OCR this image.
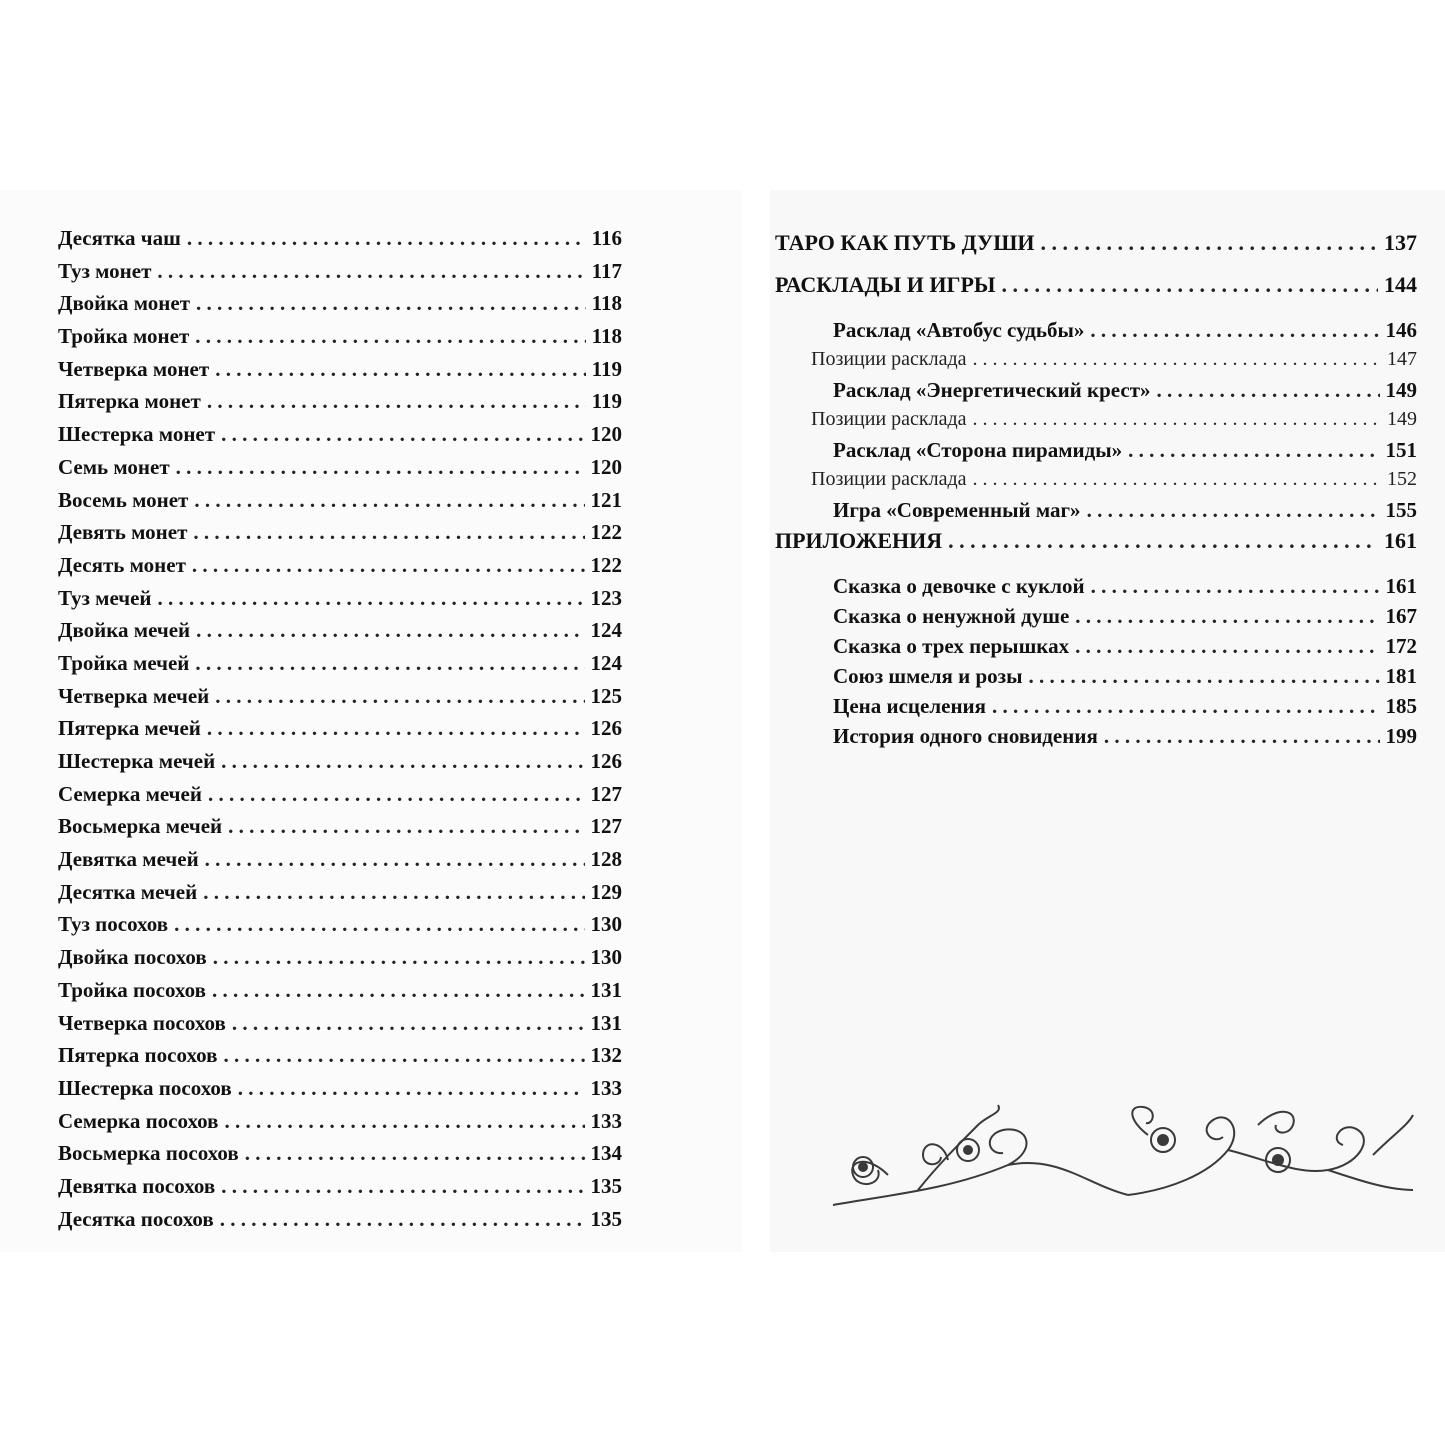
Десятка чаш . . .	116
Туз монет . . .	117
Двойка монет . . .	118
Тройка монет . . .	118
Четверка монет . . .	119
Пятерка монет . . .	119
Шестерка монет . . .	120
Семь монет . . .	120
Восемь монет . . .	121
Девять монет . . .	122
Десять монет . . .	122
Туз мечей . . .	123
Двойка мечей . . .	124
Тройка мечей . . .	124
Четверка мечей . . .	125
Пятерка мечей . . .	126
Шестерка мечей . . .	126
Семерка мечей . . .	127
Восьмерка мечей . . .	127
Девятка мечей . . .	128
Десятка мечей . . .	129
Туз посохов . . .	130
Двойка посохов . . .	130
Тройка посохов . . .	131
Четверка посохов . . .	131
Пятерка посохов . . .	132
Шестерка посохов . . .	133
Семерка посохов . . .	133
Восьмерка посохов . . .	134
Девятка посохов . . .	135
Десятка посохов . . .	135
ТАРО КАК ПУТЬ ДУШИ . . .	137
РАСКЛАДЫ И ИГРЫ . . .	144
Расклад «Автобус судьбы» . . .	146
Позиции расклада . . .	147
Расклад «Энергетический крест» . . .	149
Позиции расклада . . .	149
Расклад «Сторона пирамиды» . . .	151
Позиции расклада . . .	152
Игра «Современный маг» . . .	155
ПРИЛОЖЕНИЯ . . .	161
Сказка о девочке с куклой . . .	161
Сказка о ненужной душе . . .	167
Сказка о трех перышках . . .	172
Союз шмеля и розы . . .	181
Цена исцеления . . .	185
История одного сновидения . . .	199
